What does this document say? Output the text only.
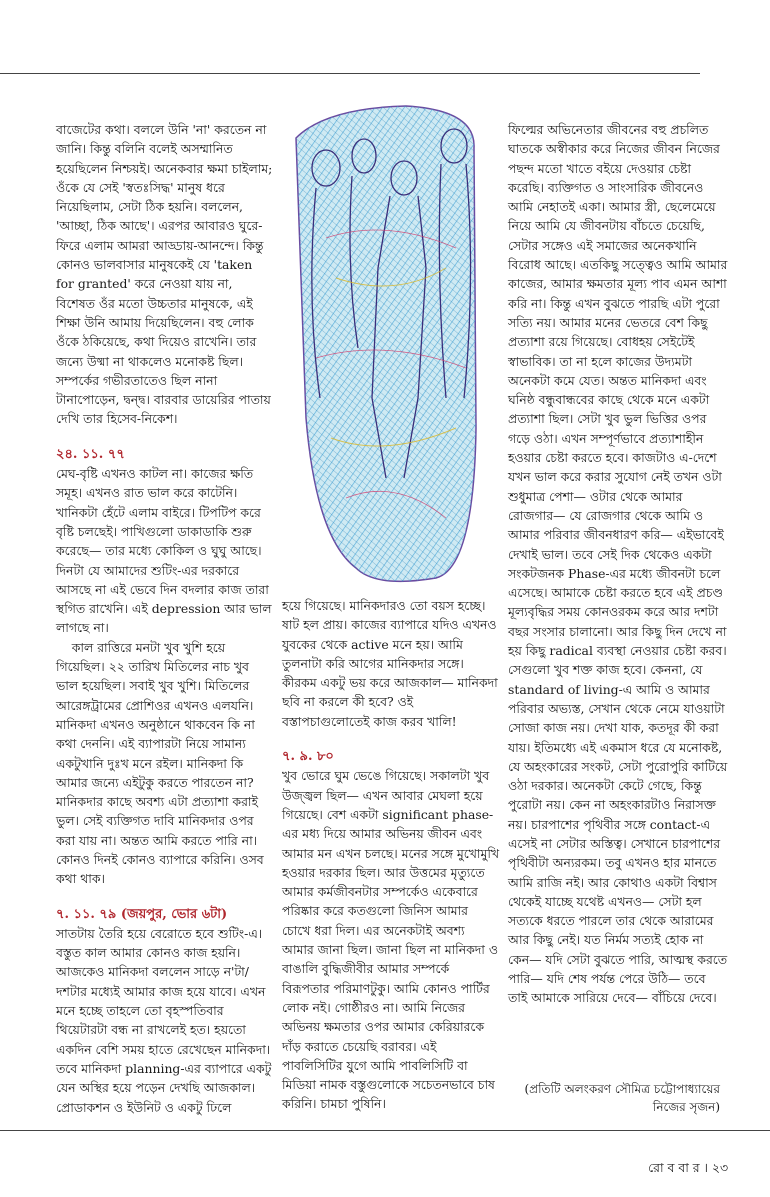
বাজেটের কথা। বললে উনি 'না' করতেন না জানি। কিন্তু বলিনি বলেই অসম্মানিত হয়েছিলেন নিশ্চয়ই। অনেকবার ক্ষমা চাইলাম; ওঁকে যে সেই 'স্বতঃসিদ্ধ' মানুষ ধরে নিয়েছিলাম, সেটা ঠিক হয়নি। বললেন, 'আচ্ছা, ঠিক আছে'। এরপর আবারও ঘুরে-ফিরে এলাম আমরা আড্ডায়-আনন্দে। কিন্তু কোনও ভালবাসার মানুষকেই যে 'taken for granted' করে নেওয়া যায় না, বিশেষত ওঁর মতো উচ্চতার মানুষকে, এই শিক্ষা উনি আমায় দিয়েছিলেন। বহু লোক ওঁকে ঠকিয়েছে, কথা দিয়েও রাখেনি। তার জন্যে উষ্মা না থাকলেও মনোকষ্ট ছিল। সম্পর্কের গভীরতাতেও ছিল নানা টানাপোড়েন, দ্বন্দ্ব। বারবার ডায়েরির পাতায় দেখি তার হিসেব-নিকেশ।

২৪. ১১. ৭৭

মেঘ-বৃষ্টি এখনও কাটল না। কাজের ক্ষতি সমূহ। এখনও রাত ভাল করে কাটেনি। খানিকটা হেঁটে এলাম বাইরে। টিপটিপ করে বৃষ্টি চলছেই। পাখিগুলো ডাকাডাকি শুরু করেছে— তার মধ্যে কোকিল ও ঘুঘু আছে। দিনটা যে আমাদের শুটিং-এর দরকারে আসছে না এই ভেবে দিন বদলার কাজ তারা স্থগিত রাখেনি। এই depression আর ভাল লাগছে না।

কাল রাত্তিরে মনটা খুব খুশি হয়ে গিয়েছিল। ২২ তারিখ মিতিলের নাচ খুব ভাল হয়েছিল। সবাই খুব খুশি। মিতিলের আরেঙ্গট্রামের প্রোশিওর এখনও এলযনি। মানিকদা এখনও অনুষ্ঠানে থাকবেন কি না কথা দেননি। এই ব্যাপারটা নিয়ে সামান্য একটুখানি দুঃখ মনে রইল। মানিকদা কি আমার জন্যে এইটুকু করতে পারতেন না? মানিকদার কাছে অবশ্য এটা প্রত্যাশা করাই ভুল। সেই ব্যক্তিগত দাবি মানিকদার ওপর করা যায় না। অন্তত আমি করতে পারি না। কোনও দিনই কোনও ব্যাপারে করিনি। ওসব কথা থাক।

৭. ১১. ৭৯ (জয়পুর, ভোর ৬টা)

সাতটায় তৈরি হয়ে বেরোতে হবে শুটিং-এ। বস্তুত কাল আমার কোনও কাজ হয়নি। আজকেও মানিকদা বললেন সাড়ে ন'টা/ দশটার মধ্যেই আমার কাজ হয়ে যাবে। এখন মনে হচ্ছে তাহলে তো বৃহস্পতিবার থিয়েটারটা বন্ধ না রাখলেই হত। হয়তো একদিন বেশি সময় হাতে রেখেছেন মানিকদা। তবে মানিকদা planning-এর ব্যাপারে একটু যেন অস্থির হয়ে পড়েন দেখছি আজকাল। প্রোডাকশন ও ইউনিট ও একটু ঢিলে

হয়ে গিয়েছে। মানিকদারও তো বয়স হচ্ছে। ষাট হল প্রায়। কাজের ব্যাপারে যদিও এখনও যুবকের থেকে active মনে হয়। আমি তুলনাটা করি আগের মানিকদার সঙ্গে। কীরকম একটু ভয় করে আজকাল— মানিকদা ছবি না করলে কী হবে? ওই বস্তাপচাগুলোতেই কাজ করব খালি!

৭. ৯. ৮০

খুব ভোরে ঘুম ভেঙে গিয়েছে। সকালটা খুব উজ্জ্বল ছিল— এখন আবার মেঘলা হয়ে গিয়েছে। বেশ একটা significant phase-এর মধ্য দিয়ে আমার অভিনয় জীবন এবং আমার মন এখন চলছে। মনের সঙ্গে মুখোমুখি হওয়ার দরকার ছিল। আর উত্তমের মৃত্যুতে আমার কর্মজীবনটার সম্পর্কেও একেবারে পরিষ্কার করে কতগুলো জিনিস আমার চোখে ধরা দিল। এর অনেকটাই অবশ্য আমার জানা ছিল। জানা ছিল না মানিকদা ও বাঙালি বুদ্ধিজীবীর আমার সম্পর্কে বিরূপতার পরিমাণটুকু। আমি কোনও পার্টির লোক নই। গোষ্ঠীরও না। আমি নিজের অভিনয় ক্ষমতার ওপর আমার কেরিয়ারকে দাঁড় করাতে চেয়েছি বরাবর। এই পাবলিসিটির যুগে আমি পাবলিসিটি বা মিডিয়া নামক বস্তুগুলোকে সচেতনভাবে চাষ করিনি। চামচা পুষিনি।

ফিল্মের অভিনেতার জীবনের বহু প্রচলিত ঘাতকে অস্বীকার করে নিজের জীবন নিজের পছন্দ মতো খাতে বইয়ে দেওয়ার চেষ্টা করেছি। ব্যক্তিগত ও সাংসারিক জীবনেও আমি নেহাতই একা। আমার স্ত্রী, ছেলেমেয়ে নিয়ে আমি যে জীবনটায় বাঁচতে চেয়েছি, সেটার সঙ্গেও এই সমাজের অনেকখানি বিরোধ আছে। এতকিছু সত্ত্বেও আমি আমার কাজের, আমার ক্ষমতার মূল্য পাব এমন আশা করি না। কিন্তু এখন বুঝতে পারছি এটা পুরো সত্যি নয়। আমার মনের ভেতরে বেশ কিছু প্রত্যাশা রয়ে গিয়েছে। বোধহয় সেইটেই স্বাভাবিক। তা না হলে কাজের উদ্যমটা অনেকটা কমে যেত। অন্তত মানিকদা এবং ঘনিষ্ঠ বন্ধুবান্ধবের কাছে থেকে মনে একটা প্রত্যাশা ছিল। সেটা খুব ভুল ভিত্তির ওপর গড়ে ওঠা। এখন সম্পূর্ণভাবে প্রত্যাশাহীন হওয়ার চেষ্টা করতে হবে। কাজটাও এ-দেশে যখন ভাল করে করার সুযোগ নেই তখন ওটা শুধুমাত্র পেশা— ওটার থেকে আমার রোজগার— যে রোজগার থেকে আমি ও আমার পরিবার জীবনধারণ করি— এইভাবেই দেখাই ভাল। তবে সেই দিক থেকেও একটা সংকটজনক Phase-এর মধ্যে জীবনটা চলে এসেছে। আমাকে চেষ্টা করতে হবে এই প্রচণ্ড মূল্যবৃদ্ধির সময় কোনওরকম করে আর দশটা বছর সংসার চালানো। আর কিছু দিন দেখে না হয় কিছু radical ব্যবস্থা নেওয়ার চেষ্টা করব। সেগুলো খুব শক্ত কাজ হবে। কেননা, যে standard of living-এ আমি ও আমার পরিবার অভ্যস্ত, সেখান থেকে নেমে যাওয়াটা সোজা কাজ নয়। দেখা যাক, কতদূর কী করা যায়। ইতিমধ্যে এই একমাস ধরে যে মনোকষ্ট, যে অহংকারের সংকট, সেটা পুরোপুরি কাটিয়ে ওঠা দরকার। অনেকটা কেটে গেছে, কিন্তু পুরোটা নয়। কেন না অহংকারটাও নিরাসক্ত নয়। চারপাশের পৃথিবীর সঙ্গে contact-এ এসেই না সেটার অস্তিত্ব। সেখানে চারপাশের পৃথিবীটা অন্যরকম। তবু এখনও হার মানতে আমি রাজি নই। আর কোথাও একটা বিশ্বাস থেকেই যাচ্ছে যথেষ্ট এখনও— সেটা হল সত্যকে ধরতে পারলে তার থেকে আরামের আর কিছু নেই। যত নির্মম সত্যই হোক না কেন— যদি সেটা বুঝতে পারি, আত্মস্থ করতে পারি— যদি শেষ পর্যন্ত পেরে উঠি— তবে তাই আমাকে সারিয়ে দেবে— বাঁচিয়ে দেবে।

(প্রতিটি অলংকরণ সৌমিত্র চট্টোপাধ্যায়ের
নিজের সৃজন)
রো ব বা র । ২৩
